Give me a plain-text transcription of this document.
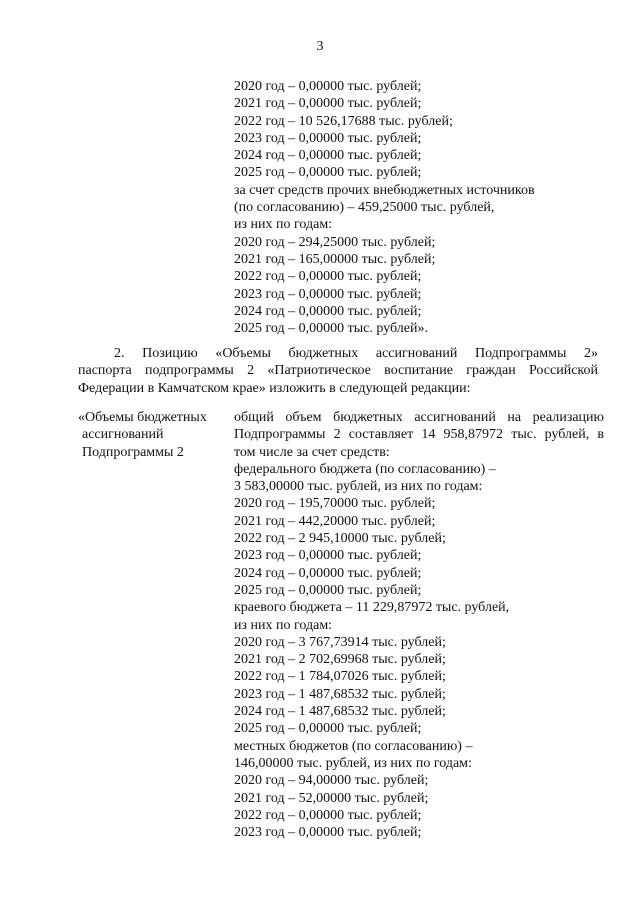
3
2020 год – 0,00000 тыс. рублей;
2021 год – 0,00000 тыс. рублей;
2022 год – 10 526,17688 тыс. рублей;
2023 год – 0,00000 тыс. рублей;
2024 год – 0,00000 тыс. рублей;
2025 год – 0,00000 тыс. рублей;
за счет средств прочих внебюджетных источников
(по согласованию) – 459,25000 тыс. рублей,
из них по годам:
2020 год – 294,25000 тыс. рублей;
2021 год – 165,00000 тыс. рублей;
2022 год – 0,00000 тыс. рублей;
2023 год – 0,00000 тыс. рублей;
2024 год – 0,00000 тыс. рублей;
2025 год – 0,00000 тыс. рублей».
2. Позицию «Объемы бюджетных ассигнований Подпрограммы 2»
паспорта подпрограммы 2 «Патриотическое воспитание граждан Российской
Федерации в Камчатском крае» изложить в следующей редакции:
«Объемы бюджетных
ассигнований
Подпрограммы 2
общий объем бюджетных ассигнований на реализацию
Подпрограммы 2 составляет 14 958,87972 тыс. рублей, в
том числе за счет средств:
федерального бюджета (по согласованию) –
3 583,00000 тыс. рублей, из них по годам:
2020 год – 195,70000 тыс. рублей;
2021 год – 442,20000 тыс. рублей;
2022 год – 2 945,10000 тыс. рублей;
2023 год – 0,00000 тыс. рублей;
2024 год – 0,00000 тыс. рублей;
2025 год – 0,00000 тыс. рублей;
краевого бюджета – 11 229,87972 тыс. рублей,
из них по годам:
2020 год – 3 767,73914 тыс. рублей;
2021 год – 2 702,69968 тыс. рублей;
2022 год – 1 784,07026 тыс. рублей;
2023 год – 1 487,68532 тыс. рублей;
2024 год – 1 487,68532 тыс. рублей;
2025 год – 0,00000 тыс. рублей;
местных бюджетов (по согласованию) –
146,00000 тыс. рублей, из них по годам:
2020 год – 94,00000 тыс. рублей;
2021 год – 52,00000 тыс. рублей;
2022 год – 0,00000 тыс. рублей;
2023 год – 0,00000 тыс. рублей;
